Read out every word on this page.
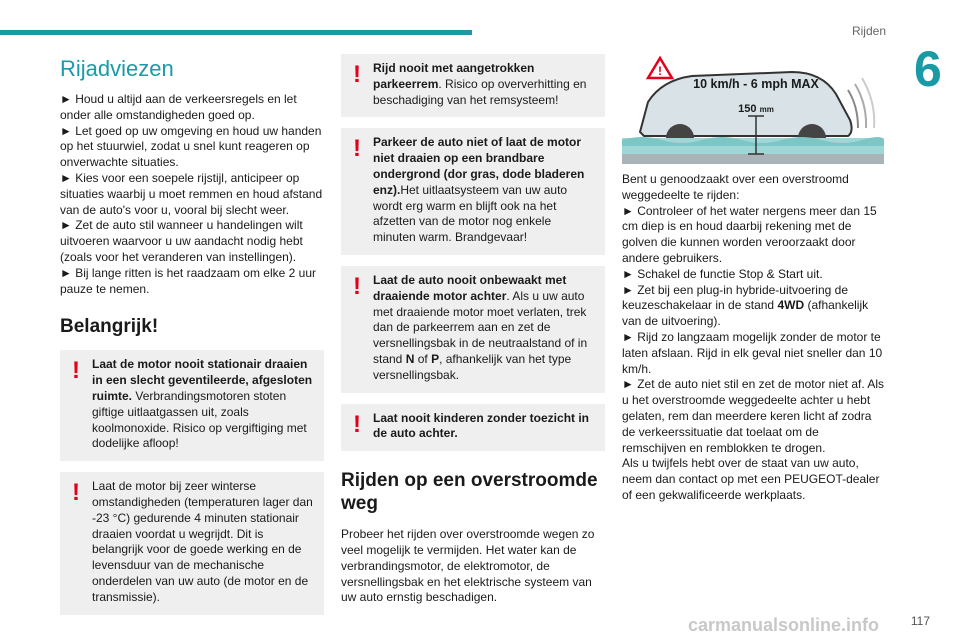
Rijden
6
Rijadviezen

► Houd u altijd aan de verkeersregels en let onder alle omstandigheden goed op.

► Let goed op uw omgeving en houd uw handen op het stuurwiel, zodat u snel kunt reageren op onverwachte situaties.

► Kies voor een soepele rijstijl, anticipeer op situaties waarbij u moet remmen en houd afstand van de auto's voor u, vooral bij slecht weer.

► Zet de auto stil wanneer u handelingen wilt uitvoeren waarvoor u uw aandacht nodig hebt (zoals voor het veranderen van instellingen).

► Bij lange ritten is het raadzaam om elke 2 uur pauze te nemen.

Belangrijk!
!	Laat de motor nooit stationair draaien in een slecht geventileerde, afgesloten ruimte. Verbrandingsmotoren stoten giftige uitlaatgassen uit, zoals koolmonoxide. Risico op vergiftiging met dodelijke afloop!

!	Laat de motor bij zeer winterse omstandigheden (temperaturen lager dan -23 °C) gedurende 4 minuten stationair draaien voordat u wegrijdt. Dit is belangrijk voor de goede werking en de levensduur van de mechanische onderdelen van uw auto (de motor en de transmissie).

!	Rijd nooit met aangetrokken parkeerrem. Risico op oververhitting en beschadiging van het remsysteem!

!	Parkeer de auto niet of laat de motor niet draaien op een brandbare ondergrond (dor gras, dode bladeren enz).Het uitlaatsysteem van uw auto wordt erg warm en blijft ook na het afzetten van de motor nog enkele minuten warm. Brandgevaar!

!	Laat de auto nooit onbewaakt met draaiende motor achter. Als u uw auto met draaiende motor moet verlaten, trek dan de parkeerrem aan en zet de versnellingsbak in de neutraalstand of in stand N of P, afhankelijk van het type versnellingsbak.

!	Laat nooit kinderen zonder toezicht in de auto achter.

Rijden op een overstroomde weg

Probeer het rijden over overstroomde wegen zo veel mogelijk te vermijden. Het water kan de verbrandingsmotor, de elektromotor, de versnellingsbak en het elektrische systeem van uw auto ernstig beschadigen.

!
10 km/h - 6 mph MAX
150 mm

Bent u genoodzaakt over een overstroomd weggedeelte te rijden:

► Controleer of het water nergens meer dan 15 cm diep is en houd daarbij rekening met de golven die kunnen worden veroorzaakt door andere gebruikers.

► Schakel de functie Stop & Start uit.

► Zet bij een plug-in hybride-uitvoering de keuzeschakelaar in de stand 4WD (afhankelijk van de uitvoering).

► Rijd zo langzaam mogelijk zonder de motor te laten afslaan. Rijd in elk geval niet sneller dan 10 km/h.

► Zet de auto niet stil en zet de motor niet af. Als u het overstroomde weggedeelte achter u hebt gelaten, rem dan meerdere keren licht af zodra de verkeerssituatie dat toelaat om de remschijven en remblokken te drogen.

Als u twijfels hebt over de staat van uw auto, neem dan contact op met een PEUGEOT-dealer of een gekwalificeerde werkplaats.

carmanualsonline.info	117
